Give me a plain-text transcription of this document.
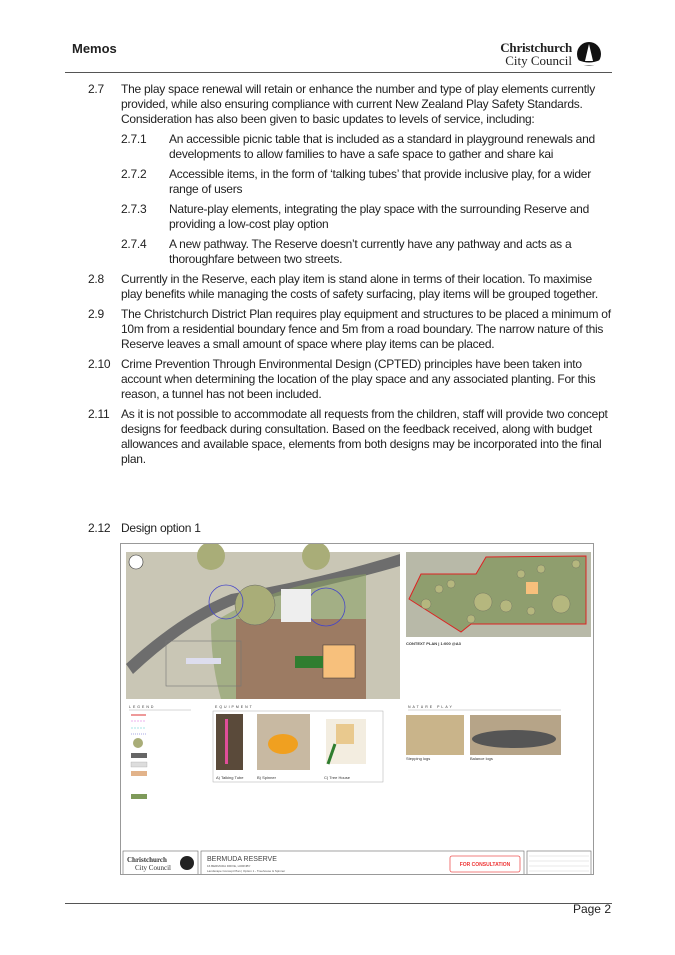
Memos	Christchurch
City Council
2.7	The play space renewal will retain or enhance the number and type of play elements currently provided, while also ensuring compliance with current New Zealand Play Safety Standards. Consideration has also been given to basic updates to levels of service, including:
2.7.1	An accessible picnic table that is included as a standard in playground renewals and developments to allow families to have a safe space to gather and share kai
2.7.2	Accessible items, in the form of ‘talking tubes’ that provide inclusive play, for a wider range of users
2.7.3	Nature-play elements, integrating the play space with the surrounding Reserve and providing a low-cost play option
2.7.4	A new pathway. The Reserve doesn’t currently have any pathway and acts as a thoroughfare between two streets.
2.8	Currently in the Reserve, each play item is stand alone in terms of their location. To maximise play benefits while managing the costs of safety surfacing, play items will be grouped together.
2.9	The Christchurch District Plan requires play equipment and structures to be placed a minimum of 10m from a residential boundary fence and 5m from a road boundary. The narrow nature of this Reserve leaves a small amount of space where play items can be placed.
2.10 Crime Prevention Through Environmental Design (CPTED) principles have been taken into account when determining the location of the play space and any associated planting. For this reason, a tunnel has not been included.
2.11 As it is not possible to accommodate all requests from the children, staff will provide two concept designs for feedback during consultation. Based on the feedback received, along with budget allowances and available space, elements from both designs may be incorporated into the final plan.
2.12 Design option 1
CONTEXT PLAN | 1:000 @A3
LEGEND	EQUIPMENT
A) Talking Tube	B) Spinner	C) Tree House
NATURE PLAY
Stepping logs	Balance logs
Christchurch
City Council
BERMUDA RESERVE
16 BERMUDA DRIVE, HORNBY
Landscape Concept Plan | Option 1 - Treehouse & Spinner
FOR CONSULTATION
Page 2
